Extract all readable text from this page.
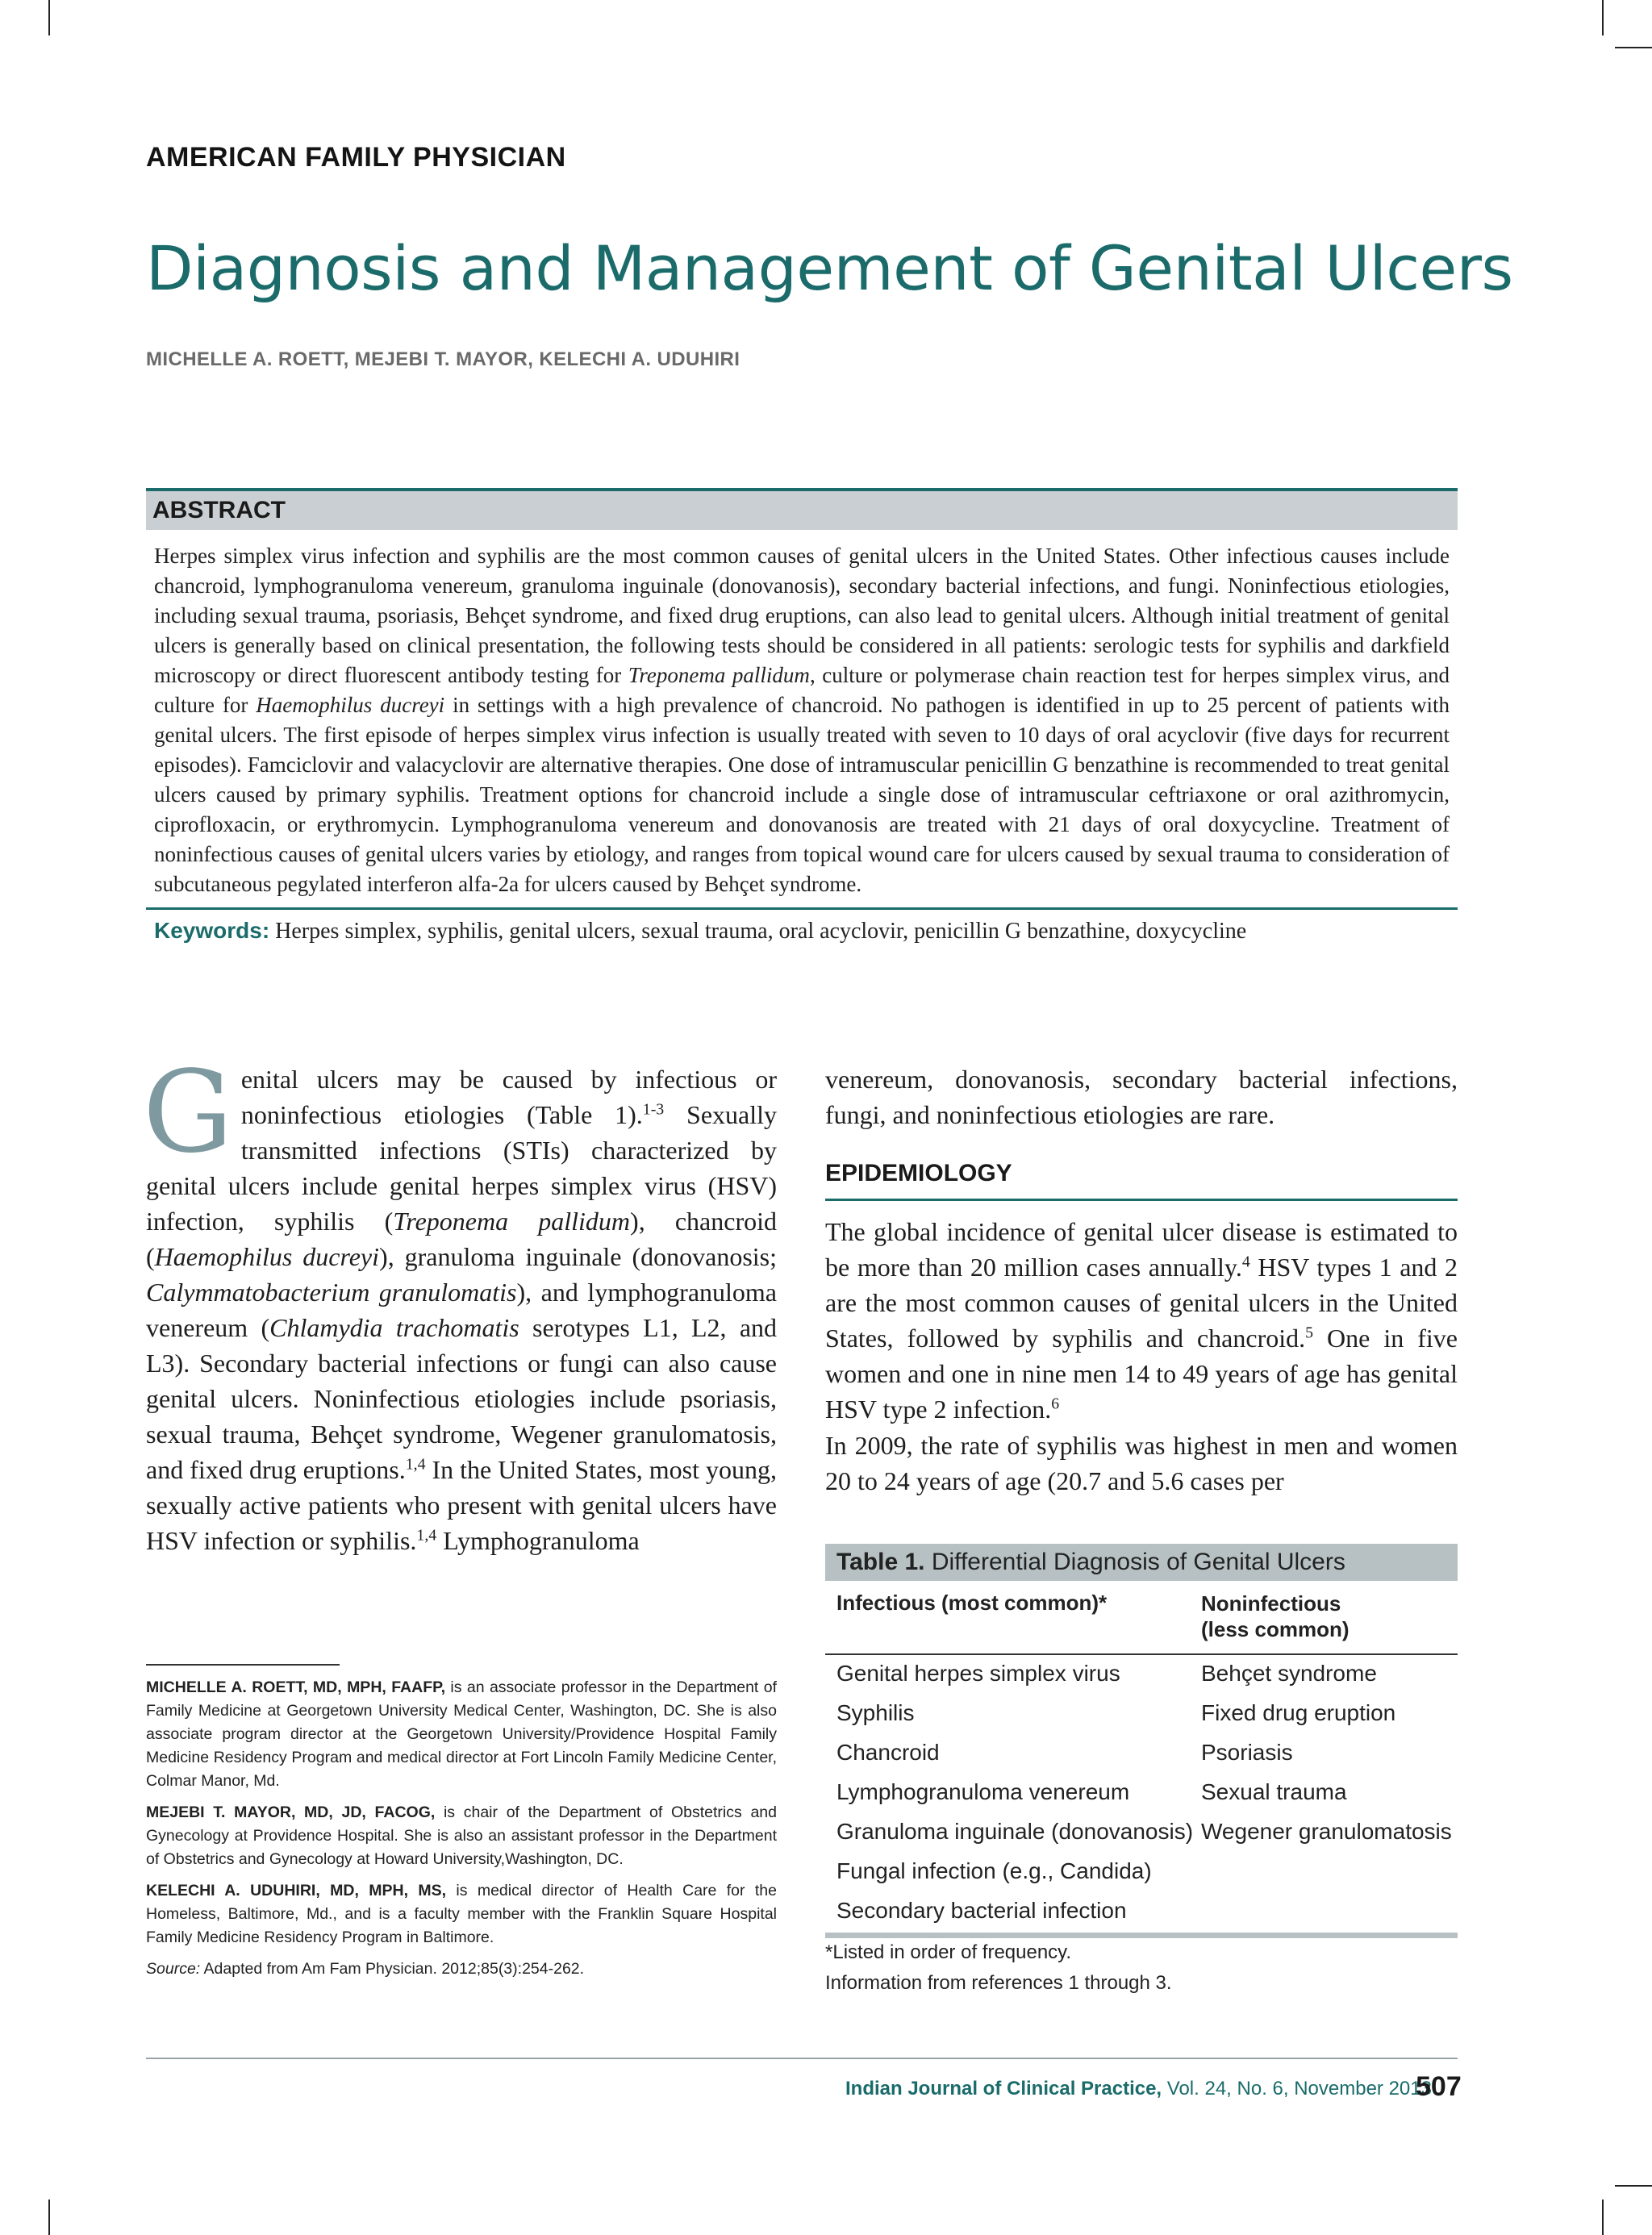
AMERICAN FAMILY PHYSICIAN
Diagnosis and Management of Genital Ulcers
MICHELLE A. ROETT, MEJEBI T. MAYOR, KELECHI A. UDUHIRI
ABSTRACT
Herpes simplex virus infection and syphilis are the most common causes of genital ulcers in the United States. Other infectious causes include chancroid, lymphogranuloma venereum, granuloma inguinale (donovanosis), secondary bacterial infections, and fungi. Noninfectious etiologies, including sexual trauma, psoriasis, Behçet syndrome, and fixed drug eruptions, can also lead to genital ulcers. Although initial treatment of genital ulcers is generally based on clinical presentation, the following tests should be considered in all patients: serologic tests for syphilis and darkfield microscopy or direct fluorescent antibody testing for Treponema pallidum, culture or polymerase chain reaction test for herpes simplex virus, and culture for Haemophilus ducreyi in settings with a high prevalence of chancroid. No pathogen is identified in up to 25 percent of patients with genital ulcers. The first episode of herpes simplex virus infection is usually treated with seven to 10 days of oral acyclovir (five days for recurrent episodes). Famciclovir and valacyclovir are alternative therapies. One dose of intramuscular penicillin G benzathine is recommended to treat genital ulcers caused by primary syphilis. Treatment options for chancroid include a single dose of intramuscular ceftriaxone or oral azithromycin, ciprofloxacin, or erythromycin. Lymphogranuloma venereum and donovanosis are treated with 21 days of oral doxycycline. Treatment of noninfectious causes of genital ulcers varies by etiology, and ranges from topical wound care for ulcers caused by sexual trauma to consideration of subcutaneous pegylated interferon alfa-2a for ulcers caused by Behçet syndrome.
Keywords: Herpes simplex, syphilis, genital ulcers, sexual trauma, oral acyclovir, penicillin G benzathine, doxycycline
Genital ulcers may be caused by infectious or noninfectious etiologies (Table 1).$^{1-3}$ Sexually transmitted infections (STIs) characterized by genital ulcers include genital herpes simplex virus (HSV) infection, syphilis (Treponema pallidum), chancroid (Haemophilus ducreyi), granuloma inguinale (donovanosis; Calymmatobacterium granulomatis), and lymphogranuloma venereum (Chlamydia trachomatis serotypes L1, L2, and L3). Secondary bacterial infections or fungi can also cause genital ulcers. Noninfectious etiologies include psoriasis, sexual trauma, Behçet syndrome, Wegener granulomatosis, and fixed drug eruptions.$^{1,4}$ In the United States, most young, sexually active patients who present with genital ulcers have HSV infection or syphilis.$^{1,4}$ Lymphogranuloma
MICHELLE A. ROETT, MD, MPH, FAAFP, is an associate professor in the Department of Family Medicine at Georgetown University Medical Center, Washington, DC. She is also associate program director at the Georgetown University/Providence Hospital Family Medicine Residency Program and medical director at Fort Lincoln Family Medicine Center, Colmar Manor, Md.
MEJEBI T. MAYOR, MD, JD, FACOG, is chair of the Department of Obstetrics and Gynecology at Providence Hospital. She is also an assistant professor in the Department of Obstetrics and Gynecology at Howard University,Washington, DC.
KELECHI A. UDUHIRI, MD, MPH, MS, is medical director of Health Care for the Homeless, Baltimore, Md., and is a faculty member with the Franklin Square Hospital Family Medicine Residency Program in Baltimore.
Source: Adapted from Am Fam Physician. 2012;85(3):254-262.
venereum, donovanosis, secondary bacterial infections, fungi, and noninfectious etiologies are rare.
EPIDEMIOLOGY
The global incidence of genital ulcer disease is estimated to be more than 20 million cases annually.$^4$ HSV types 1 and 2 are the most common causes of genital ulcers in the United States, followed by syphilis and chancroid.$^5$ One in five women and one in nine men 14 to 49 years of age has genital HSV type 2 infection.$^6$
In 2009, the rate of syphilis was highest in men and women 20 to 24 years of age (20.7 and 5.6 cases per
Table 1. Differential Diagnosis of Genital Ulcers
Infectious (most common)*	Noninfectious
(less common)
Genital herpes simplex virus	Behçet syndrome
Syphilis	Fixed drug eruption
Chancroid	Psoriasis
Lymphogranuloma venereum	Sexual trauma
Granuloma inguinale (donovanosis) Wegener granulomatosis
Fungal infection (e.g., Candida)
Secondary bacterial infection
*Listed in order of frequency.
Information from references 1 through 3.
Indian Journal of Clinical Practice, Vol. 24, No. 6, November 2013
507
